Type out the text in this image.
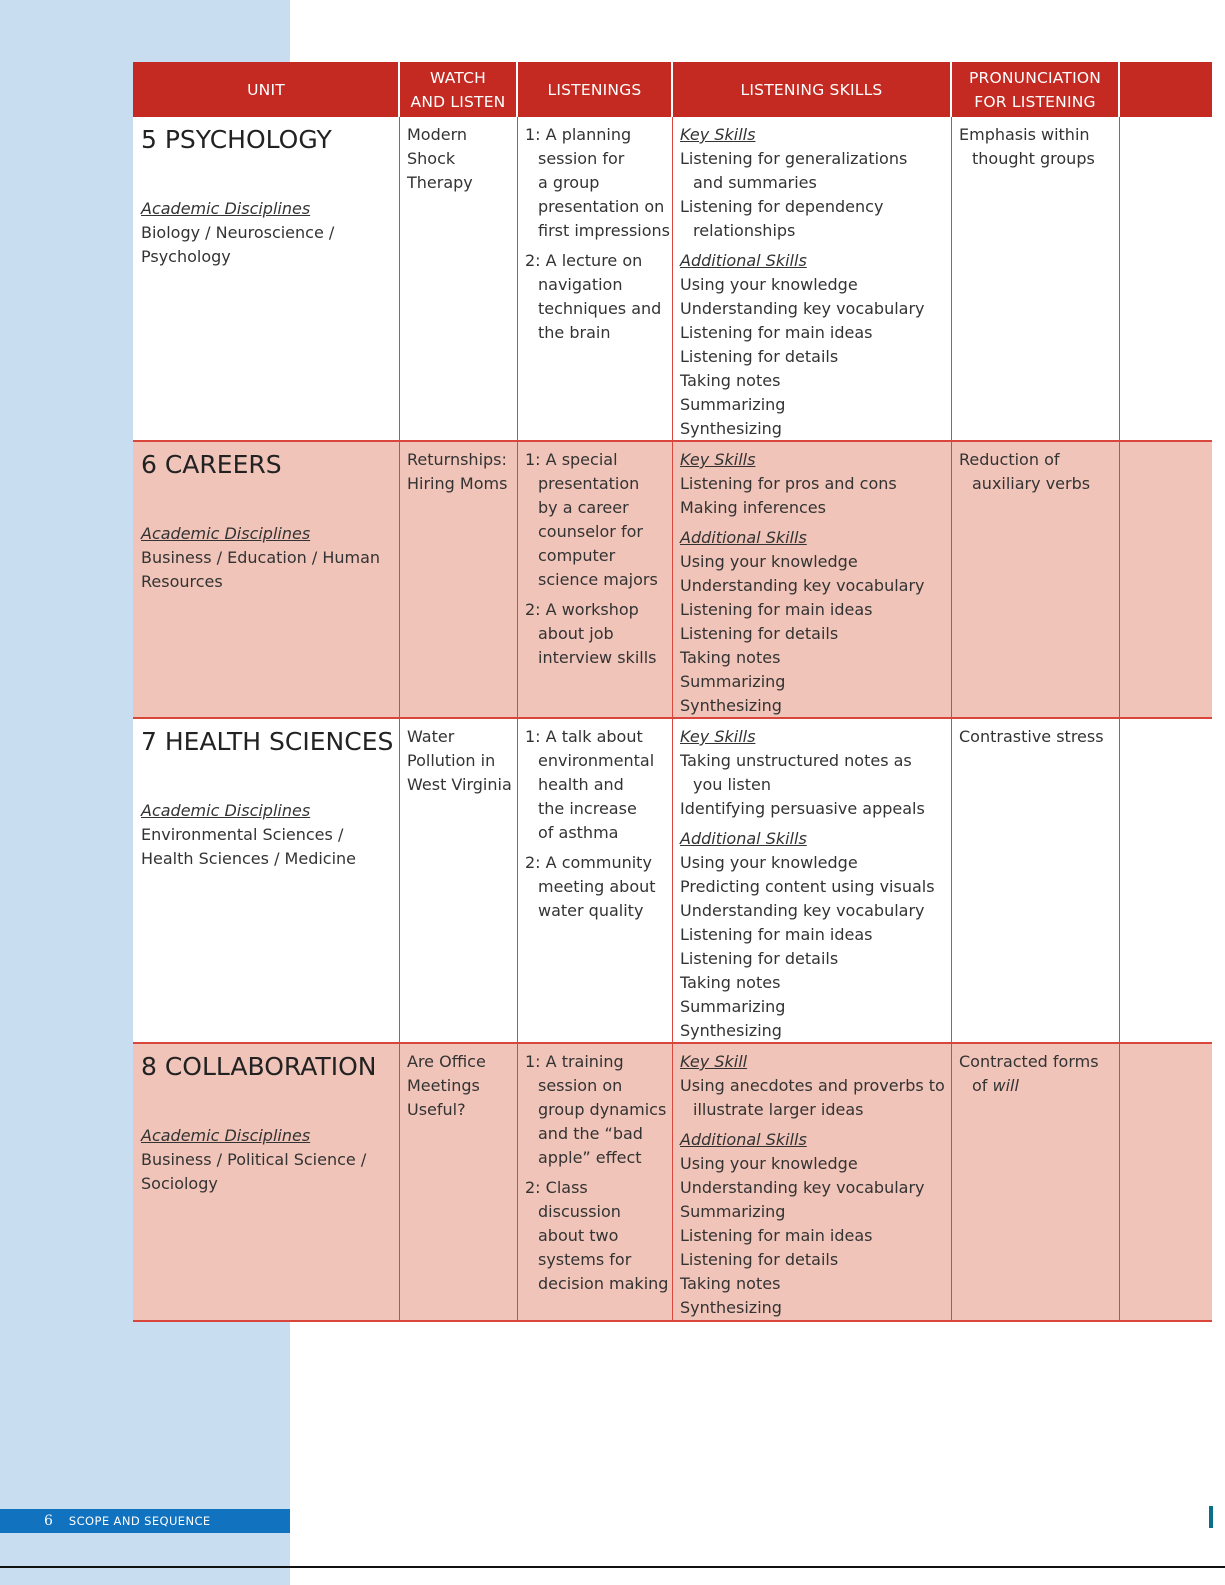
UNIT
WATCH
AND LISTEN
LISTENINGS	LISTENING SKILLS
PRONUNCIATION
FOR LISTENING
5 PSYCHOLOGY
Academic Disciplines
Biology / Neuroscience /
Psychology
Modern
Shock
Therapy
1: A planning
session for
a group
presentation on
first impressions
2: A lecture on
navigation
techniques and
the brain
Key Skills
Listening for generalizations
and summaries
Listening for dependency
relationships
Additional Skills
Using your knowledge
Understanding key vocabulary
Listening for main ideas
Listening for details
Taking notes
Summarizing
Synthesizing
Emphasis within
thought groups
6 CAREERS
Academic Disciplines
Business / Education / Human
Resources
Returnships:
Hiring Moms
1: A special
presentation
by a career
counselor for
computer
science majors
2: A workshop
about job
interview skills
Key Skills
Listening for pros and cons
Making inferences
Additional Skills
Using your knowledge
Understanding key vocabulary
Listening for main ideas
Listening for details
Taking notes
Summarizing
Synthesizing
Reduction of
auxiliary verbs
7 HEALTH SCIENCES
Academic Disciplines
Environmental Sciences /
Health Sciences / Medicine
Water
Pollution in
West Virginia
1: A talk about
environmental
health and
the increase
of asthma
2: A community
meeting about
water quality
Key Skills
Taking unstructured notes as
you listen
Identifying persuasive appeals
Additional Skills
Using your knowledge
Predicting content using visuals
Understanding key vocabulary
Listening for main ideas
Listening for details
Taking notes
Summarizing
Synthesizing
Contrastive stress
8 COLLABORATION
Academic Disciplines
Business / Political Science /
Sociology
Are Office
Meetings
Useful?
1: A training
session on
group dynamics
and the “bad
apple” effect
2: Class discussion
about two
systems for
decision making
Key Skill
Using anecdotes and proverbs to
illustrate larger ideas
Additional Skills
Using your knowledge
Understanding key vocabulary
Summarizing
Listening for main ideas
Listening for details
Taking notes
Synthesizing
Contracted forms
of will
6 SCOPE AND SEQUENCE
